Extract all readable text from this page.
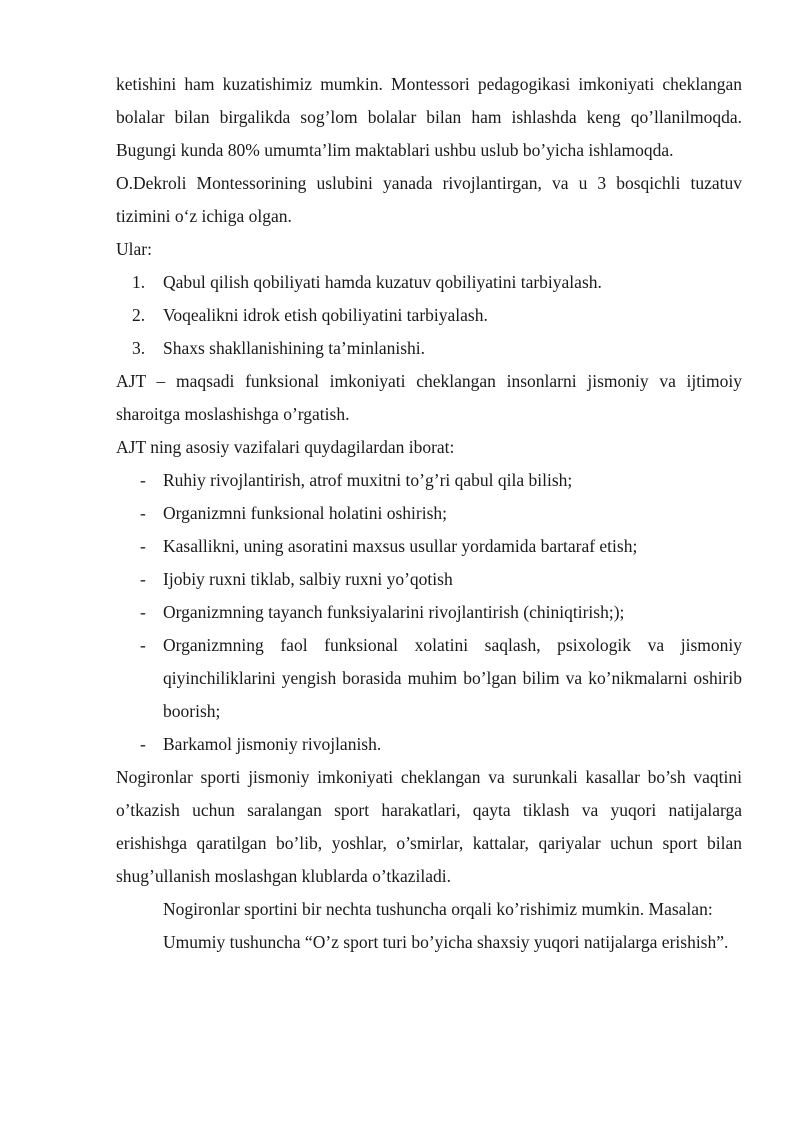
ketishini ham kuzatishimiz mumkin. Montessori pedagogikasi imkoniyati cheklangan bolalar bilan birgalikda sog’lom bolalar bilan ham ishlashda keng qo’llanilmoqda. Bugungi kunda 80% umumta’lim maktablari ushbu uslub bo’yicha ishlamoqda.

O.Dekroli Montessorining uslubini yanada rivojlantirgan, va u 3 bosqichli tuzatuv tizimini o‘z ichiga olgan.

Ular:

1.	Qabul qilish qobiliyati hamda kuzatuv qobiliyatini tarbiyalash.
2.	Voqealikni idrok etish qobiliyatini tarbiyalash.
3.	Shaxs shakllanishining ta’minlanishi.

AJT – maqsadi funksional imkoniyati cheklangan insonlarni jismoniy va ijtimoiy sharoitga moslashishga o’rgatish.

AJT ning asosiy vazifalari quydagilardan iborat:

- Ruhiy rivojlantirish, atrof muxitni to’g’ri qabul qila bilish;
- Organizmni funksional holatini oshirish;
- Kasallikni, uning asoratini maxsus usullar yordamida bartaraf etish;
- Ijobiy ruxni tiklab, salbiy ruxni yo’qotish
- Organizmning tayanch funksiyalarini rivojlantirish (chiniqtirish;);
- Organizmning faol funksional xolatini saqlash, psixologik va jismoniy qiyinchiliklarini yengish borasida muhim bo’lgan bilim va ko’nikmalarni oshirib boorish;
- Barkamol jismoniy rivojlanish.

Nogironlar sporti jismoniy imkoniyati cheklangan va surunkali kasallar bo’sh vaqtini o’tkazish uchun saralangan sport harakatlari, qayta tiklash va yuqori natijalarga erishishga qaratilgan bo’lib, yoshlar, o’smirlar, kattalar, qariyalar uchun sport bilan shug’ullanish moslashgan klublarda o’tkaziladi.

Nogironlar sportini bir nechta tushuncha orqali ko’rishimiz mumkin. Masalan:

Umumiy tushuncha “O’z sport turi bo’yicha shaxsiy yuqori natijalarga erishish”.
